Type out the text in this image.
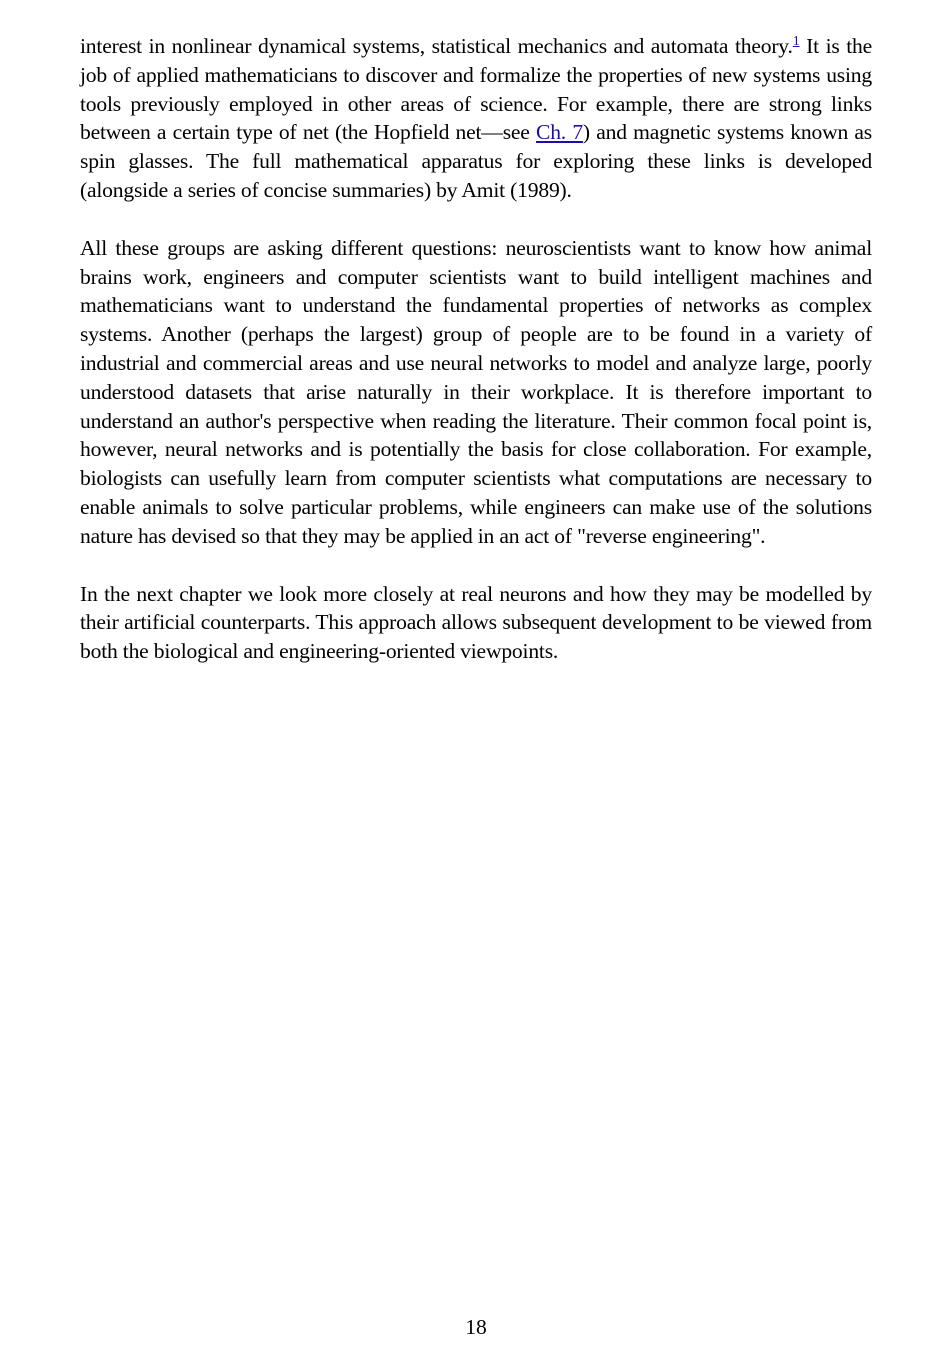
interest in nonlinear dynamical systems, statistical mechanics and automata theory.$^1$ It is the job of applied mathematicians to discover and formalize the properties of new systems using tools previously employed in other areas of science. For example, there are strong links between a certain type of net (the Hopfield net—see Ch. 7) and magnetic systems known as spin glasses. The full mathematical apparatus for exploring these links is developed (alongside a series of concise summaries) by Amit (1989).

All these groups are asking different questions: neuroscientists want to know how animal brains work, engineers and computer scientists want to build intelligent machines and mathematicians want to understand the fundamental properties of networks as complex systems. Another (perhaps the largest) group of people are to be found in a variety of industrial and commercial areas and use neural networks to model and analyze large, poorly understood datasets that arise naturally in their workplace. It is therefore important to understand an author's perspective when reading the literature. Their common focal point is, however, neural networks and is potentially the basis for close collaboration. For example, biologists can usefully learn from computer scientists what computations are necessary to enable animals to solve particular problems, while engineers can make use of the solutions nature has devised so that they may be applied in an act of "reverse engineering".

In the next chapter we look more closely at real neurons and how they may be modelled by their artificial counterparts. This approach allows subsequent development to be viewed from both the biological and engineering-oriented viewpoints.

18
